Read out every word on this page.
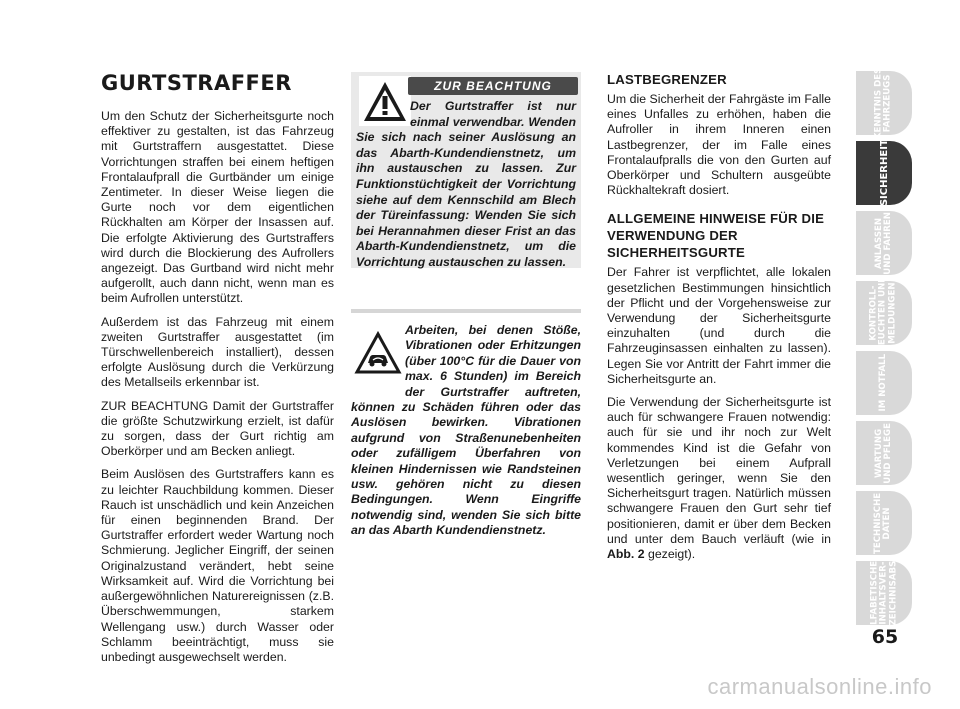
GURTSTRAFFER

Um den Schutz der Sicherheitsgurte noch effektiver zu gestalten, ist das Fahrzeug mit Gurtstraffern ausgestattet. Diese Vorrichtungen straffen bei einem heftigen Frontalaufprall die Gurtbänder um einige Zentimeter. In dieser Weise liegen die Gurte noch vor dem eigentlichen Rückhalten am Körper der Insassen auf. Die erfolgte Aktivierung des Gurtstraffers wird durch die Blockierung des Aufrollers angezeigt. Das Gurtband wird nicht mehr aufgerollt, auch dann nicht, wenn man es beim Aufrollen unterstützt.

Außerdem ist das Fahrzeug mit einem zweiten Gurtstraffer ausgestattet (im Türschwellenbereich installiert), dessen erfolgte Auslösung durch die Verkürzung des Metallseils erkennbar ist.

ZUR BEACHTUNG Damit der Gurtstraffer die größte Schutzwirkung erzielt, ist dafür zu sorgen, dass der Gurt richtig am Oberkörper und am Becken anliegt.

Beim Auslösen des Gurtstraffers kann es zu leichter Rauchbildung kommen. Dieser Rauch ist unschädlich und kein Anzeichen für einen beginnenden Brand. Der Gurtstraffer erfordert weder Wartung noch Schmierung. Jeglicher Eingriff, der seinen Originalzustand verändert, hebt seine Wirksamkeit auf. Wird die Vorrichtung bei außergewöhnlichen Naturereignissen (z.B. Überschwemmungen, starkem Wellengang usw.) durch Wasser oder Schlamm beeinträchtigt, muss sie unbedingt ausgewechselt werden.

ZUR BEACHTUNG
Der Gurtstraffer ist nur einmal verwendbar. Wenden Sie sich nach seiner Auslösung an das Abarth-Kundendienstnetz, um ihn austauschen zu lassen. Zur Funktionstüchtigkeit der Vorrichtung siehe auf dem Kennschild am Blech der Türeinfassung: Wenden Sie sich bei Herannahmen dieser Frist an das Abarth-Kundendienstnetz, um die Vorrichtung austauschen zu lassen.
Arbeiten, bei denen Stöße, Vibrationen oder Erhitzungen (über 100°C für die Dauer von max. 6 Stunden) im Bereich der Gurtstraffer auftreten, können zu Schäden führen oder das Auslösen bewirken. Vibrationen aufgrund von Straßenunebenheiten oder zufälligem Überfahren von kleinen Hindernissen wie Randsteinen usw. gehören nicht zu diesen Bedingungen. Wenn Eingriffe notwendig sind, wenden Sie sich bitte an das Abarth Kundendienstnetz.
LASTBEGRENZER

Um die Sicherheit der Fahrgäste im Falle eines Unfalles zu erhöhen, haben die Aufroller in ihrem Inneren einen Lastbegrenzer, der im Falle eines Frontalaufpralls die von den Gurten auf Oberkörper und Schultern ausgeübte Rückhaltekraft dosiert.

ALLGEMEINE HINWEISE FÜR DIE VERWENDUNG DER SICHERHEITSGURTE

Der Fahrer ist verpflichtet, alle lokalen gesetzlichen Bestimmungen hinsichtlich der Pflicht und der Vorgehensweise zur Verwendung der Sicherheitsgurte einzuhalten (und durch die Fahrzeuginsassen einhalten zu lassen). Legen Sie vor Antritt der Fahrt immer die Sicherheitsgurte an.

Die Verwendung der Sicherheitsgurte ist auch für schwangere Frauen notwendig: auch für sie und ihr noch zur Welt kommendes Kind ist die Gefahr von Verletzungen bei einem Aufprall wesentlich geringer, wenn Sie den Sicherheitsgurt tragen. Natürlich müssen schwangere Frauen den Gurt sehr tief positionieren, damit er über dem Becken und unter dem Bauch verläuft (wie in Abb. 2 gezeigt).

KENNTNIS DES
FAHRZEUGS
SICHERHEIT
ANLASSEN
UND FAHREN
KONTROLL-
LEUCHTEN UND
MELDUNGEN
IM NOTFALL
WARTUNG
UND PFLEGE
TECHNISCHE
DATEN
ALFABETISCHES
INHALTSVER-
ZEICHNISABS
65
carmanualsonline.info
